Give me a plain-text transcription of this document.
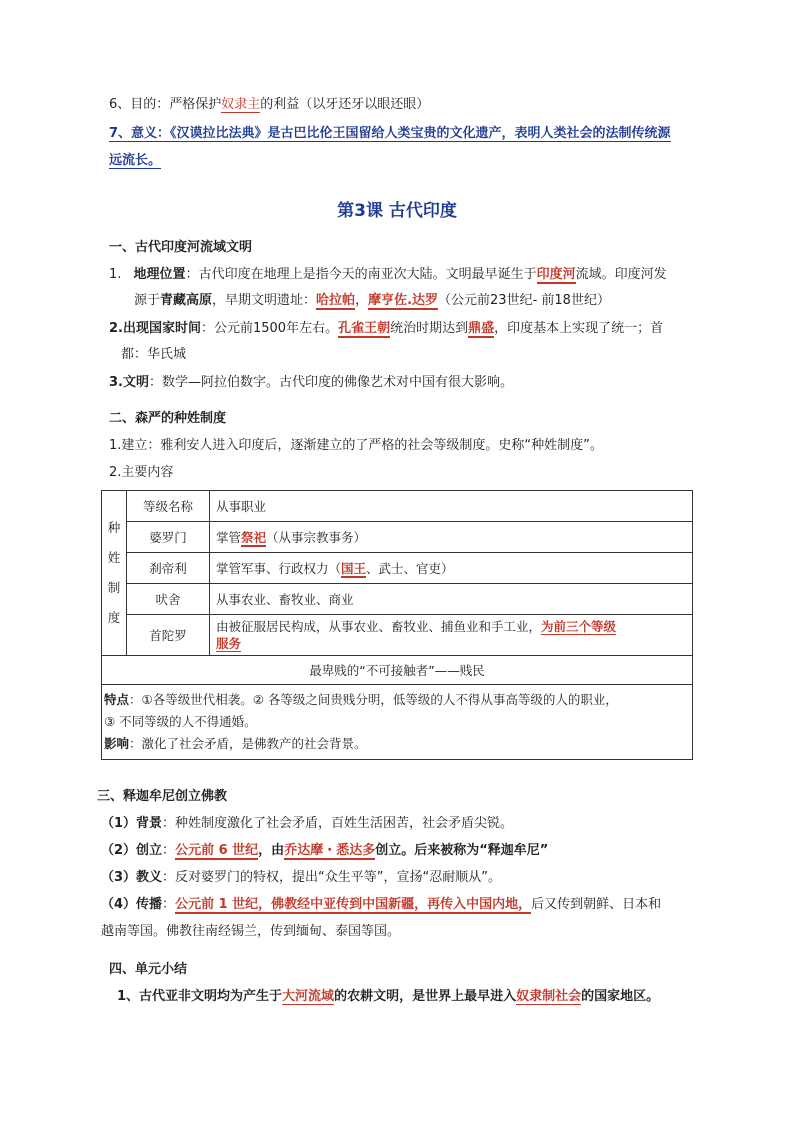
6、目的：严格保护奴隶主的利益（以牙还牙以眼还眼）
7、意义：《汉谟拉比法典》是古巴比伦王国留给人类宝贵的文化遗产，表明人类社会的法制传统源
远流长。
第3课 古代印度
一、古代印度河流域文明
1. 地理位置：古代印度在地理上是指今天的南亚次大陆。文明最早诞生于印度河流域。印度河发
源于青藏高原，早期文明遗址：哈拉帕，摩亨佐.达罗（公元前23世纪- 前18世纪）
2.出现国家时间：公元前1500年左右。孔雀王朝统治时期达到鼎盛，印度基本上实现了统一；首
都：华氏城
3.文明：数学—阿拉伯数字。古代印度的佛像艺术对中国有很大影响。
二、森严的种姓制度
1.建立：雅利安人进入印度后，逐渐建立的了严格的社会等级制度。史称“种姓制度”。
2.主要内容
种
姓
制
度	等级名称	从事职业
	婆罗门	掌管祭祀（从事宗教事务）
	刹帝利	掌管军事、行政权力（国王、武士、官吏）
	吠舍	从事农业、畜牧业、商业
	首陀罗	由被征服居民构成，从事农业、畜牧业、捕鱼业和手工业，为前三个等级
服务
最卑贱的“不可接触者”——贱民		
特点：①各等级世代相袭。② 各等级之间贵贱分明，低等级的人不得从事高等级的人的职业，
③ 不同等级的人不得通婚。
影响：激化了社会矛盾，是佛教产的社会背景。		
三、释迦牟尼创立佛教
（1）背景：种姓制度激化了社会矛盾，百姓生活困苦，社会矛盾尖锐。
（2）创立：公元前 6 世纪，由乔达摩・悉达多创立。后来被称为“释迦牟尼”
（3）教义：反对婆罗门的特权，提出“众生平等”，宣扬“忍耐顺从”。
（4）传播：公元前 1 世纪，佛教经中亚传到中国新疆，再传入中国内地，后又传到朝鲜、日本和
越南等国。佛教往南经锡兰，传到缅甸、泰国等国。
四、单元小结
1、古代亚非文明均为产生于大河流域的农耕文明，是世界上最早进入奴隶制社会的国家地区。
